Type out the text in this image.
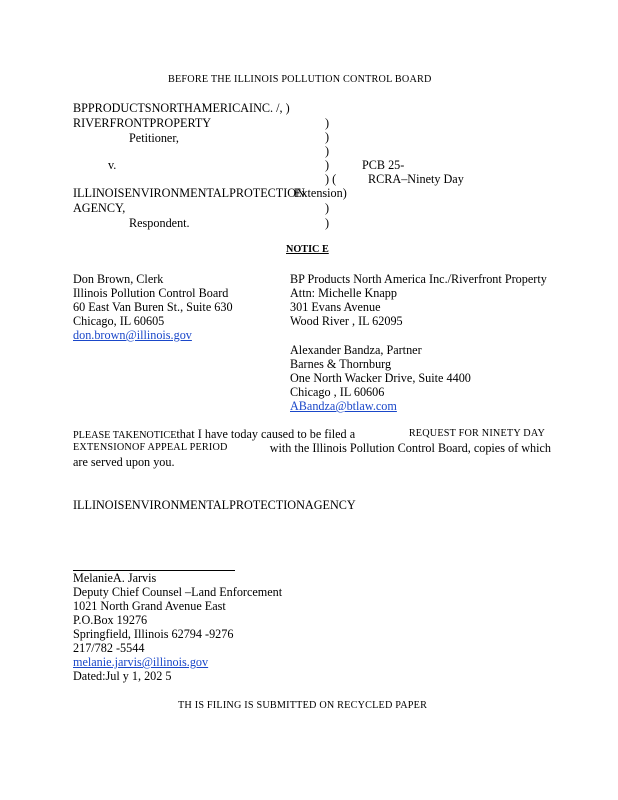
BEFORE THE ILLINOIS POLLUTION CONTROL BOARD
BPPRODUCTSNORTHAMERICAINC. /, )
RIVERFRONTPROPERTY
Petitioner,
v.
ILLINOISENVIRONMENTALPROTECTION
AGENCY,
Respondent.
)
)
)
)
) (
Extension)
)
)
PCB 25-
RCRA–Ninety Day
NOTIC E
Don Brown, Clerk
Illinois Pollution Control Board
60 East Van Buren St., Suite 630
Chicago, IL 60605
don.brown@illinois.gov
BP Products North America Inc./Riverfront Property
Attn: Michelle Knapp
301 Evans Avenue
Wood River , IL 62095
Alexander Bandza, Partner
Barnes & Thornburg
One North Wacker Drive, Suite 4400
Chicago , IL 60606
ABandza@btlaw.com
PLEASE TAKENOTICEthat I have today caused to be filed a	REQUEST FOR NINETY DAY
EXTENSIONOF APPEAL PERIOD	with the Illinois Pollution Control Board, copies of which
are served upon you.
ILLINOISENVIRONMENTALPROTECTIONAGENCY
MelanieA. Jarvis
Deputy Chief Counsel –Land Enforcement
1021 North Grand Avenue East
P.O.Box 19276
Springfield, Illinois 62794 -9276
217/782 -5544
melanie.jarvis@illinois.gov
Dated:Jul y 1, 202 5
TH IS FILING IS SUBMITTED ON RECYCLED PAPER
